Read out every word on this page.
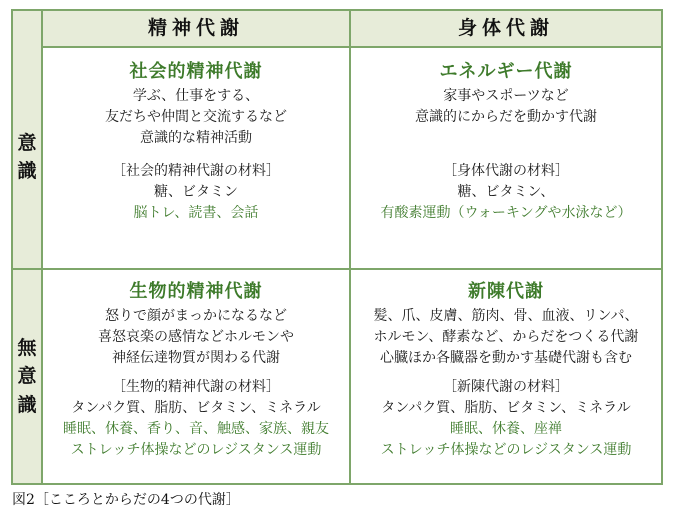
精神代謝	身体代謝
意
識
無
意
識
社会的精神代謝
学ぶ、仕事をする、
友だちや仲間と交流するなど
意識的な精神活動
［社会的精神代謝の材料］
糖、ビタミン
脳トレ、読書、会話
エネルギー代謝
家事やスポーツなど
意識的にからだを動かす代謝
［身体代謝の材料］
糖、ビタミン、
有酸素運動（ウォーキングや水泳など）
生物的精神代謝
怒りで顔がまっかになるなど
喜怒哀楽の感情などホルモンや
神経伝達物質が関わる代謝
［生物的精神代謝の材料］
タンパク質、脂肪、ビタミン、ミネラル
睡眠、休養、香り、音、触感、家族、親友
ストレッチ体操などのレジスタンス運動
新陳代謝
髪、爪、皮膚、筋肉、骨、血液、リンパ、
ホルモン、酵素など、からだをつくる代謝
心臓ほか各臓器を動かす基礎代謝も含む
［新陳代謝の材料］
タンパク質、脂肪、ビタミン、ミネラル
睡眠、休養、座禅
ストレッチ体操などのレジスタンス運動
図2［こころとからだの4つの代謝］
